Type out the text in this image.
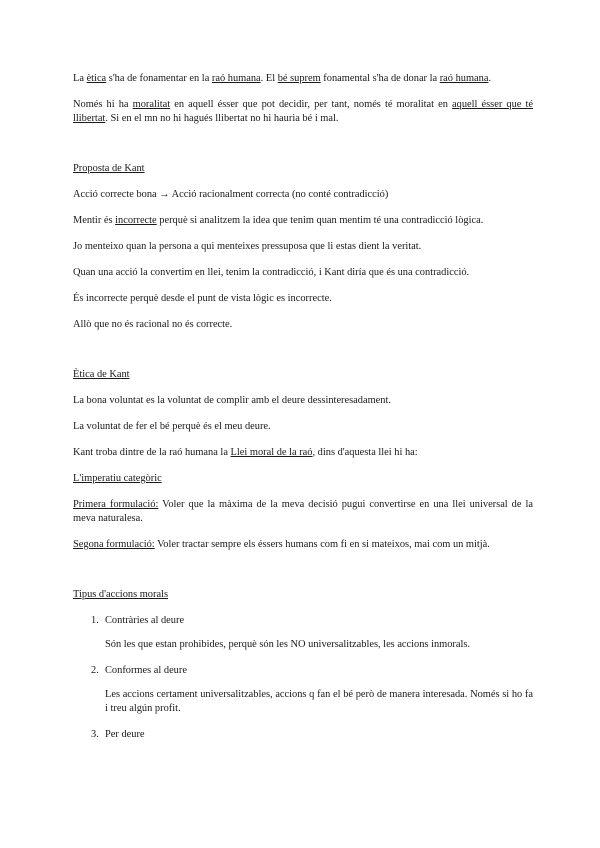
La ètica s'ha de fonamentar en la raó humana. El bé suprem fonamental s'ha de donar la raó humana.

Només hi ha moralitat en aquell ésser que pot decidir, per tant, només té moralitat en aquell ésser que té llibertat. Si en el mn no hi hagués llibertat no hi hauria bé i mal.

Proposta de Kant

Acció correcte bona → Acció racionalment correcta (no conté contradicció)

Mentir és incorrecte perquè si analitzem la idea que tenim quan mentim té una contradicció lògica.

Jo menteixo quan la persona a qui menteixes pressuposa que li estas dient la veritat.

Quan una acció la convertim en llei, tenim la contradicció, i Kant diría que és una contradicció.

És incorrecte perquè desde el punt de vista lògic es incorrecte.

Allò que no és racional no és correcte.

Ètica de Kant

La bona voluntat es la voluntat de complir amb el deure dessinteresadament.

La voluntat de fer el bé perquè és el meu deure.

Kant troba dintre de la raó humana la Llei moral de la raó, dins d'aquesta llei hi ha:

L'imperatiu categòric

Primera formulació: Voler que la màxima de la meva decisió pugui convertirse en una llei universal de la meva naturalesa.

Segona formulació: Voler tractar sempre els éssers humans com fi en si mateixos, mai com un mitjà.

Tipus d'accions morals

1. Contràries al deure

Són les que estan prohibides, perquè són les NO universalitzables, les accions inmorals.

2. Conformes al deure

Les accions certament universalitzables, accions q fan el bé però de manera interesada. Només si ho fa i treu algún profit.

3. Per deure
